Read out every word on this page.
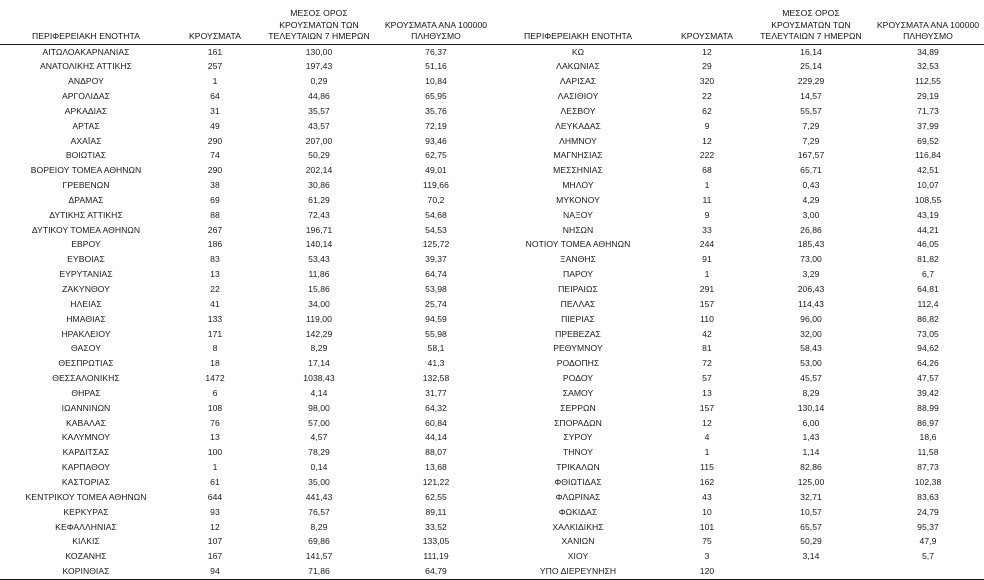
ΠΕΡΙΦΕΡΕΙΑΚΗ ΕΝΟΤΗΤΑ	ΚΡΟΥΣΜΑΤΑ	ΜΕΣΟΣ ΟΡΟΣ
ΚΡΟΥΣΜΑΤΩΝ ΤΩΝ
ΤΕΛΕΥΤΑΙΩΝ 7 ΗΜΕΡΩΝ	ΚΡΟΥΣΜΑΤΑ ΑΝΑ 100000
ΠΛΗΘΥΣΜΟ

ΑΙΤΩΛΟΑΚΑΡΝΑΝΙΑΣ	161	130,00	76,37
ΑΝΑΤΟΛΙΚΗΣ ΑΤΤΙΚΗΣ	257	197,43	51,16
ΑΝΔΡΟΥ	1	0,29	10,84
ΑΡΓΟΛΙΔΑΣ	64	44,86	65,95
ΑΡΚΑΔΙΑΣ	31	35,57	35,76
ΑΡΤΑΣ	49	43,57	72,19
ΑΧΑΪΑΣ	290	207,00	93,46
ΒΟΙΩΤΙΑΣ	74	50,29	62,75
ΒΟΡΕΙΟΥ ΤΟΜΕΑ ΑΘΗΝΩΝ	290	202,14	49,01
ΓΡΕΒΕΝΩΝ	38	30,86	119,66
ΔΡΑΜΑΣ	69	61,29	70,2
ΔΥΤΙΚΗΣ ΑΤΤΙΚΗΣ	88	72,43	54,68
ΔΥΤΙΚΟΥ ΤΟΜΕΑ ΑΘΗΝΩΝ	267	196,71	54,53
ΕΒΡΟΥ	186	140,14	125,72
ΕΥΒΟΙΑΣ	83	53,43	39,37
ΕΥΡΥΤΑΝΙΑΣ	13	11,86	64,74
ΖΑΚΥΝΘΟΥ	22	15,86	53,98
ΗΛΕΙΑΣ	41	34,00	25,74
ΗΜΑΘΙΑΣ	133	119,00	94,59
ΗΡΑΚΛΕΙΟΥ	171	142,29	55,98
ΘΑΣΟΥ	8	8,29	58,1
ΘΕΣΠΡΩΤΙΑΣ	18	17,14	41,3
ΘΕΣΣΑΛΟΝΙΚΗΣ	1472	1038,43	132,58
ΘΗΡΑΣ	6	4,14	31,77
ΙΩΑΝΝΙΝΩΝ	108	98,00	64,32
ΚΑΒΑΛΑΣ	76	57,00	60,84
ΚΑΛΥΜΝΟΥ	13	4,57	44,14
ΚΑΡΔΙΤΣΑΣ	100	78,29	88,07
ΚΑΡΠΑΘΟΥ	1	0,14	13,68
ΚΑΣΤΟΡΙΑΣ	61	35,00	121,22
ΚΕΝΤΡΙΚΟΥ ΤΟΜΕΑ ΑΘΗΝΩΝ	644	441,43	62,55
ΚΕΡΚΥΡΑΣ	93	76,57	89,11
ΚΕΦΑΛΛΗΝΙΑΣ	12	8,29	33,52
ΚΙΛΚΙΣ	107	69,86	133,05
ΚΟΖΑΝΗΣ	167	141,57	111,19
ΚΟΡΙΝΘΙΑΣ	94	71,86	64,79
ΠΕΡΙΦΕΡΕΙΑΚΗ ΕΝΟΤΗΤΑ	ΚΡΟΥΣΜΑΤΑ	ΜΕΣΟΣ ΟΡΟΣ
ΚΡΟΥΣΜΑΤΩΝ ΤΩΝ
ΤΕΛΕΥΤΑΙΩΝ 7 ΗΜΕΡΩΝ	ΚΡΟΥΣΜΑΤΑ ΑΝΑ 100000
ΠΛΗΘΥΣΜΟ

ΚΩ	12	16,14	34,89
ΛΑΚΩΝΙΑΣ	29	25,14	32,53
ΛΑΡΙΣΑΣ	320	229,29	112,55
ΛΑΣΙΘΙΟΥ	22	14,57	29,19
ΛΕΣΒΟΥ	62	55,57	71,73
ΛΕΥΚΑΔΑΣ	9	7,29	37,99
ΛΗΜΝΟΥ	12	7,29	69,52
ΜΑΓΝΗΣΙΑΣ	222	167,57	116,84
ΜΕΣΣΗΝΙΑΣ	68	65,71	42,51
ΜΗΛΟΥ	1	0,43	10,07
ΜΥΚΟΝΟΥ	11	4,29	108,55
ΝΑΞΟΥ	9	3,00	43,19
ΝΗΣΩΝ	33	26,86	44,21
ΝΟΤΙΟΥ ΤΟΜΕΑ ΑΘΗΝΩΝ	244	185,43	46,05
ΞΑΝΘΗΣ	91	73,00	81,82
ΠΑΡΟΥ	1	3,29	6,7
ΠΕΙΡΑΙΩΣ	291	206,43	64,81
ΠΕΛΛΑΣ	157	114,43	112,4
ΠΙΕΡΙΑΣ	110	96,00	86,82
ΠΡΕΒΕΖΑΣ	42	32,00	73,05
ΡΕΘΥΜΝΟΥ	81	58,43	94,62
ΡΟΔΟΠΗΣ	72	53,00	64,26
ΡΟΔΟΥ	57	45,57	47,57
ΣΑΜΟΥ	13	8,29	39,42
ΣΕΡΡΩΝ	157	130,14	88,99
ΣΠΟΡΑΔΩΝ	12	6,00	86,97
ΣΥΡΟΥ	4	1,43	18,6
ΤΗΝΟΥ	1	1,14	11,58
ΤΡΙΚΑΛΩΝ	115	82,86	87,73
ΦΘΙΩΤΙΔΑΣ	162	125,00	102,38
ΦΛΩΡΙΝΑΣ	43	32,71	83,63
ΦΩΚΙΔΑΣ	10	10,57	24,79
ΧΑΛΚΙΔΙΚΗΣ	101	65,57	95,37
ΧΑΝΙΩΝ	75	50,29	47,9
ΧΙΟΥ	3	3,14	5,7
ΥΠΟ ΔΙΕΡΕΥΝΗΣΗ	120		
